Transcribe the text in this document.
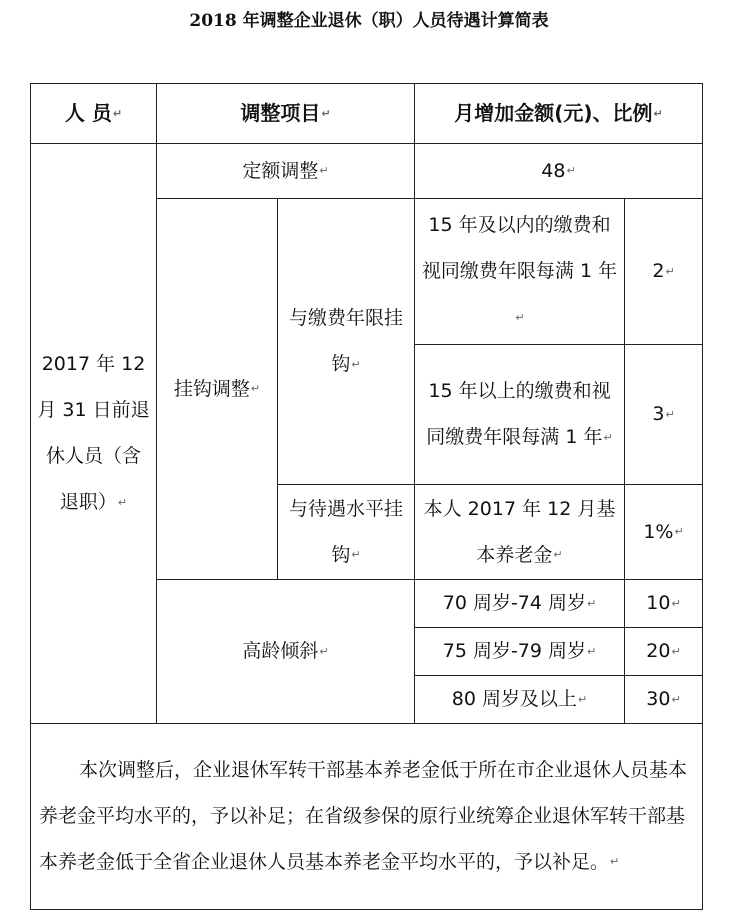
2018 年调整企业退休（职）人员待遇计算简表
人 员↵	调整项目↵		月增加金额(元)、比例↵	
2017 年 12 月 31 日前退休人员（含退职）↵	定额调整↵		48↵	
	挂钩调整↵	与缴费年限挂钩↵	15 年及以内的缴费和视同缴费年限每满 1 年↵	2↵
			15 年以上的缴费和视同缴费年限每满 1 年↵	3↵
		与待遇水平挂钩↵	本人 2017 年 12 月基本养老金↵	1%↵
	高龄倾斜↵		70 周岁-74 周岁↵	10↵
			75 周岁-79 周岁↵	20↵
			80 周岁及以上↵	30↵
本次调整后，企业退休军转干部基本养老金低于所在市企业退休人员基本养老金平均水平的，予以补足；在省级参保的原行业统筹企业退休军转干部基本养老金低于全省企业退休人员基本养老金平均水平的，予以补足。↵				
